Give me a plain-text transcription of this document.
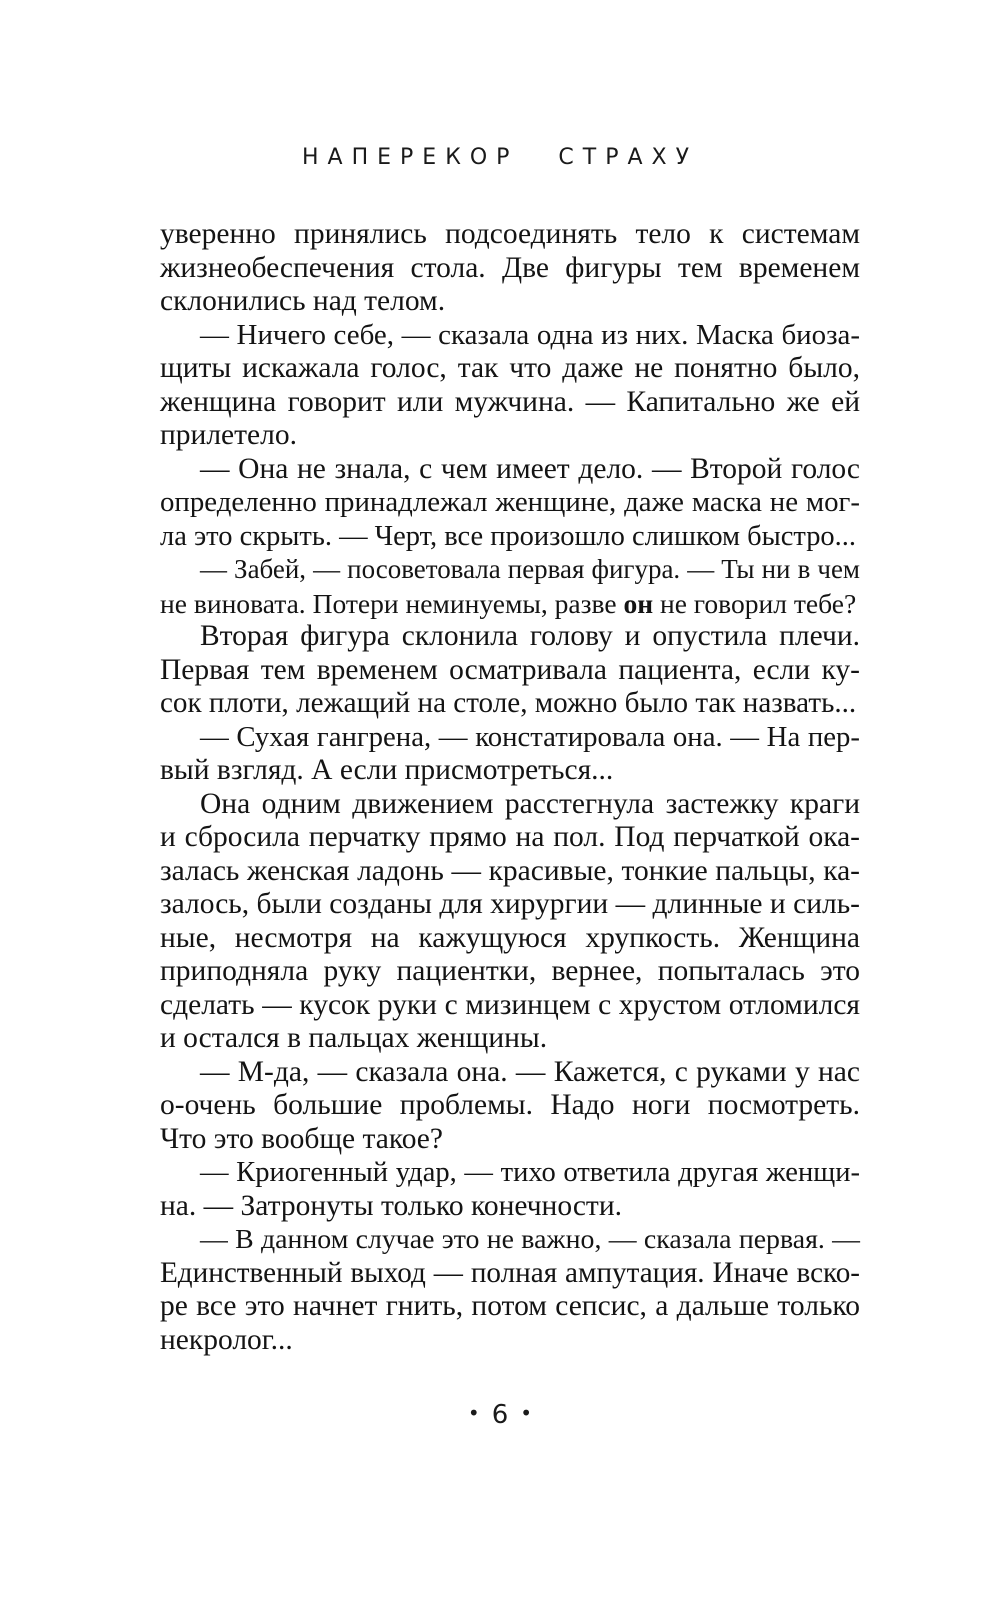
НАПЕРЕКОР СТРАХУ
уверенно принялись подсоединять тело к системам
жизнеобеспечения стола. Две фигуры тем временем
склонились над телом.
— Ничего себе, — сказала одна из них. Маска биоза-
щиты искажала голос, так что даже не понятно было,
женщина говорит или мужчина. — Капитально же ей
прилетело.
— Она не знала, с чем имеет дело. — Второй голос
определенно принадлежал женщине, даже маска не мог-
ла это скрыть. — Черт, все произошло слишком быстро...
— Забей, — посоветовала первая фигура. — Ты ни в чем
не виновата. Потери неминуемы, разве он не говорил тебе?
Вторая фигура склонила голову и опустила плечи.
Первая тем временем осматривала пациента, если ку-
сок плоти, лежащий на столе, можно было так назвать...
— Сухая гангрена, — констатировала она. — На пер-
вый взгляд. А если присмотреться...
Она одним движением расстегнула застежку краги
и сбросила перчатку прямо на пол. Под перчаткой ока-
залась женская ладонь — красивые, тонкие пальцы, ка-
залось, были созданы для хирургии — длинные и силь-
ные, несмотря на кажущуюся хрупкость. Женщина
приподняла руку пациентки, вернее, попыталась это
сделать — кусок руки с мизинцем с хрустом отломился
и остался в пальцах женщины.
— М-да, — сказала она. — Кажется, с руками у нас
о-очень большие проблемы. Надо ноги посмотреть.
Что это вообще такое?
— Криогенный удар, — тихо ответила другая женщи-
на. — Затронуты только конечности.
— В данном случае это не важно, — сказала первая. —
Единственный выход — полная ампутация. Иначе вско-
ре все это начнет гнить, потом сепсис, а дальше только
некролог...
• 6 •
